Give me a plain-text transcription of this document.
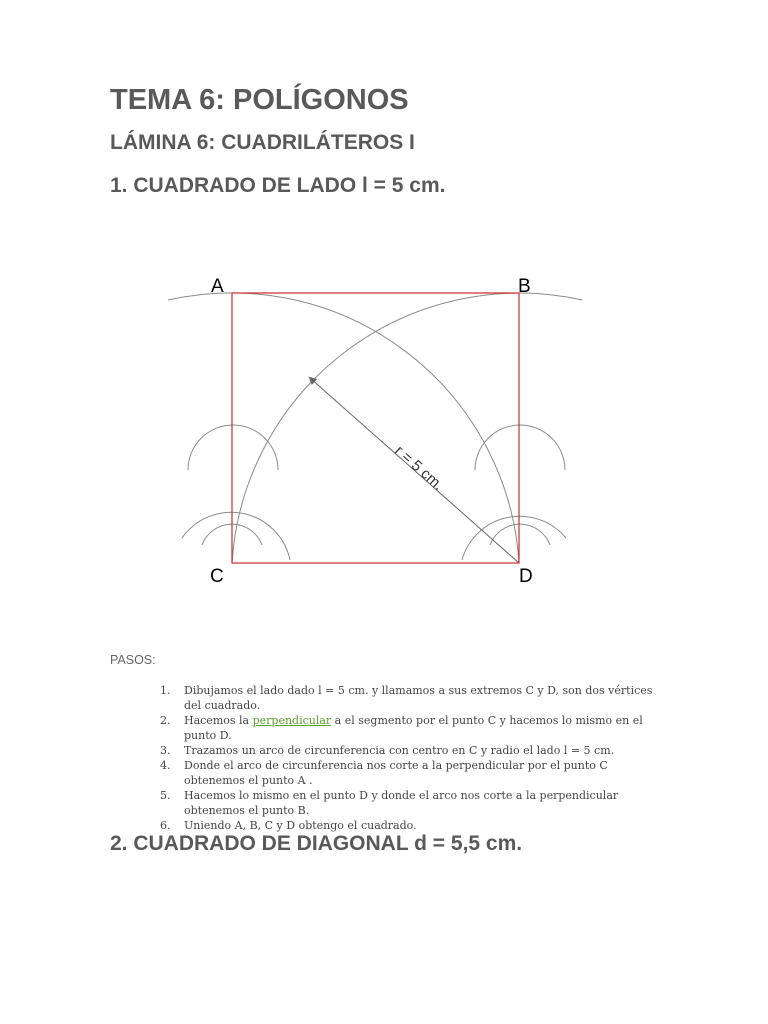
TEMA 6: POLÍGONOS
LÁMINA 6: CUADRILÁTEROS I
1. CUADRADO DE LADO l = 5 cm.
r = 5 cm.
A	B
C	D
PASOS:
1. Dibujamos el lado dado l = 5 cm. y llamamos a sus extremos C y D, son dos vértices del cuadrado.
2. Hacemos la perpendicular a el segmento por el punto C y hacemos lo mismo en el punto D.
3. Trazamos un arco de circunferencia con centro en C y radio el lado l = 5 cm.
4. Donde el arco de circunferencia nos corte a la perpendicular por el punto C obtenemos el punto A .
5. Hacemos lo mismo en el punto D y donde el arco nos corte a la perpendicular obtenemos el punto B.
6. Uniendo A, B, C y D obtengo el cuadrado.
2. CUADRADO DE DIAGONAL d = 5,5 cm.
